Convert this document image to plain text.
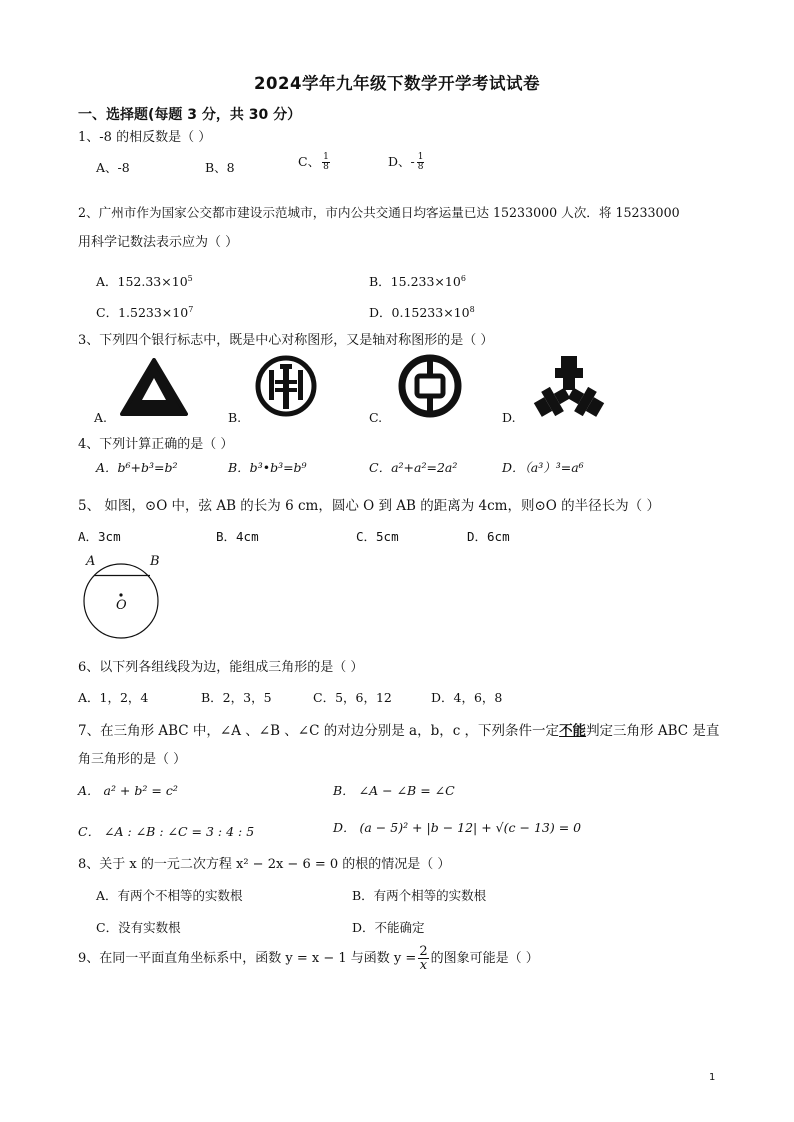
2024学年九年级下数学开学考试试卷
一、选择题(每题 3 分，共 30 分）
1、-8 的相反数是（ ）
A、-8	B、8	C、 $\frac{1}{8}$	D、- $\frac{1}{8}$
2、广州市作为国家公交都市建设示范城市，市内公共交通日均客运量已达 15233000 人次．将 15233000
用科学记数法表示应为（ ）
A．$152.33\times 10^5$	B．$15.233\times 10^6$
C．$1.5233\times 10^7$	D．$0.15233\times 10^8$
3、下列四个银行标志中，既是中心对称图形，又是轴对称图形的是（ ）
A.	B.	C.	D.
4、下列计算正确的是（ ）
A．b⁶+b³=b²	B．b³•b³=b⁹	C．a²+a²=2a²	D．（a³）³=a⁶
5、 如图，⊙O 中，弦 AB 的长为 6 cm，圆心 O 到 AB 的距离为 4cm，则⊙O 的半径长为（ ）
A．3cm	B．4cm	C．5cm	D．6cm
A	B
O
6、以下列各组线段为边，能组成三角形的是（ ）
A．1，2，4	B．2，3，5	C．5，6，12	D．4，6，8
7、在三角形 ABC 中，∠A 、∠B 、∠C 的对边分别是 a，b，c ，下列条件一定不能判定三角形 ABC 是直
角三角形的是（ ）
A． a² + b² = c²	B． ∠A − ∠B = ∠C
C． ∠A : ∠B : ∠C = 3 : 4 : 5	D． (a − 5)² + |b − 12| + √(c − 13) = 0
8、关于 x 的一元二次方程 x² − 2x − 6 = 0 的根的情况是（ ）
A．有两个不相等的实数根	B．有两个相等的实数根
C．没有实数根	D．不能确定
9、在同一平面直角坐标系中，函数 y = x − 1 与函数 $y = \frac{2}{x}$ 的图象可能是（ ）
1
